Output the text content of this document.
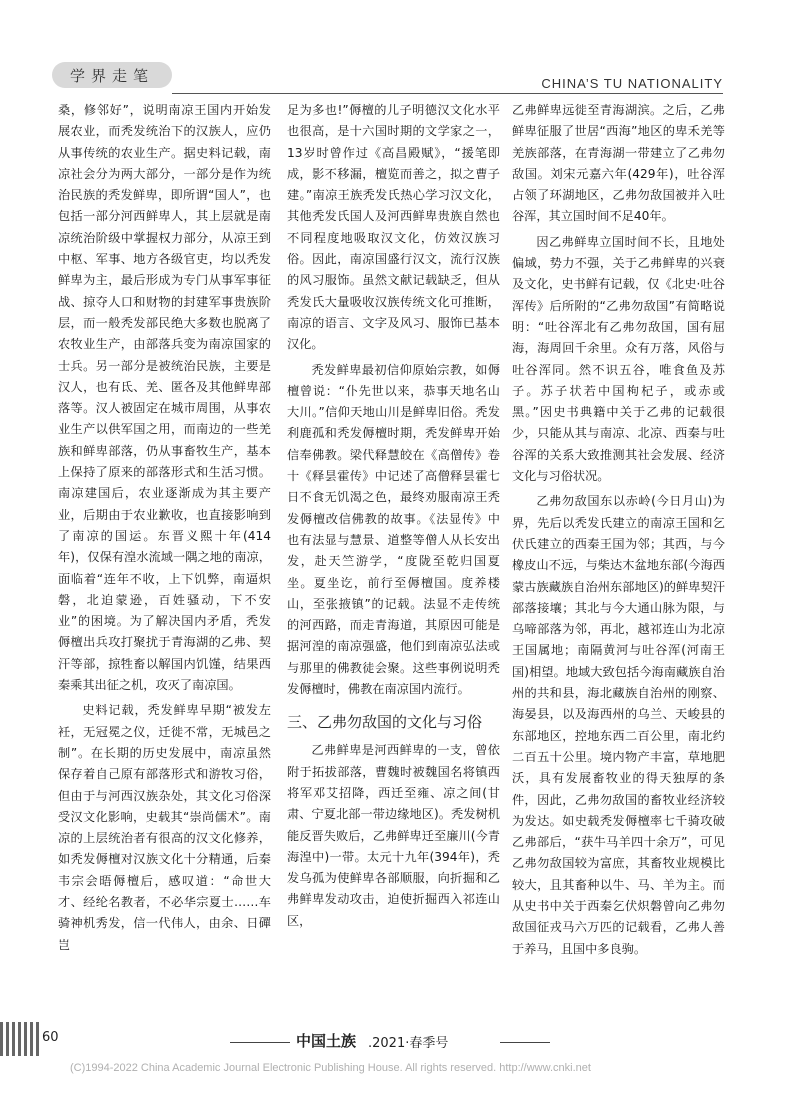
学界走笔	CHINA’S TU NATIONALITY

桑，修邻好”，说明南凉王国内开始发展农业，而秃发统治下的汉族人，应仍从事传统的农业生产。据史料记载，南凉社会分为两大部分，一部分是作为统治民族的秃发鲜卑，即所谓“国人”，也包括一部分河西鲜卑人，其上层就是南凉统治阶级中掌握权力部分，从凉王到中枢、军事、地方各级官吏，均以秃发鲜卑为主，最后形成为专门从事军事征战、掠夺人口和财物的封建军事贵族阶层，而一般秃发部民绝大多数也脱离了农牧业生产，由部落兵变为南凉国家的士兵。另一部分是被统治民族，主要是汉人，也有氐、羌、匿各及其他鲜卑部落等。汉人被固定在城市周围，从事农业生产以供军国之用，而南边的一些羌族和鲜卑部落，仍从事畜牧生产，基本上保持了原来的部落形式和生活习惯。南凉建国后，农业逐渐成为其主要产业，后期由于农业歉收，也直接影响到了南凉的国运。东晋义熙十年(414年)，仅保有湟水流域一隅之地的南凉，面临着“连年不收，上下饥弊，南逼炽磐，北迫蒙逊，百姓骚动，下不安业”的困境。为了解决国内矛盾，秃发傉檀出兵攻打聚扰于青海湖的乙弗、契汗等部，掠牲畜以解国内饥馑，结果西秦乘其出征之机，攻灭了南凉国。

史料记载，秃发鲜卑早期“被发左衽，无冠冕之仪，迁徙不常，无城邑之制”。在长期的历史发展中，南凉虽然保存着自己原有部落形式和游牧习俗，但由于与河西汉族杂处，其文化习俗深受汉文化影响，史载其“崇尚儒术”。南凉的上层统治者有很高的汉文化修养，如秃发傉檀对汉族文化十分精通，后秦韦宗会晤傉檀后，感叹道：“命世大才、经纶名教者，不必华宗夏士……车骑神机秀发，信一代伟人，由余、日磾岂

足为多也!”傉檀的儿子明德汉文化水平也很高，是十六国时期的文学家之一，13岁时曾作过《高昌殿赋》，“援笔即成，影不移漏，檀览而善之，拟之曹子建。”南凉王族秃发氏热心学习汉文化，其他秃发氏国人及河西鲜卑贵族自然也不同程度地吸取汉文化，仿效汉族习俗。因此，南凉国盛行汉文，流行汉族的风习服饰。虽然文献记载缺乏，但从秃发氏大量吸收汉族传统文化可推断，南凉的语言、文字及风习、服饰已基本汉化。

秃发鲜卑最初信仰原始宗教，如傉檀曾说：“仆先世以来，恭事天地名山大川。”信仰天地山川是鲜卑旧俗。秃发利鹿孤和秃发傉檀时期，秃发鲜卑开始信奉佛教。梁代释慧皎在《高僧传》卷十《释昙霍传》中记述了高僧释昙霍七日不食无饥渴之色，最终劝服南凉王秃发傉檀改信佛教的故事。《法显传》中也有法显与慧景、道整等僧人从长安出发，赴天竺游学，“度陇至乾归国夏坐。夏坐讫，前行至傉檀国。度养楼山，至张掖镇”的记载。法显不走传统的河西路，而走青海道，其原因可能是据河湟的南凉强盛，他们到南凉弘法或与那里的佛教徒会聚。这些事例说明秃发傉檀时，佛教在南凉国内流行。

三、乙弗勿敌国的文化与习俗

乙弗鲜卑是河西鲜卑的一支，曾依附于拓拔部落，曹魏时被魏国名将镇西将军邓艾招降，西迁至雍、凉之间(甘肃、宁夏北部一带边缘地区)。秃发树机能反晋失败后，乙弗鲜卑迁至廉川(今青海湟中)一带。太元十九年(394年)，秃发乌孤为使鲜卑各部顺服，向折掘和乙弗鲜卑发动攻击，迫使折掘西入祁连山区，

乙弗鲜卑远徙至青海湖滨。之后，乙弗鲜卑征服了世居“西海”地区的卑禾羌等羌族部落，在青海湖一带建立了乙弗勿敌国。刘宋元嘉六年(429年)，吐谷浑占领了环湖地区，乙弗勿敌国被并入吐谷浑，其立国时间不足40年。

因乙弗鲜卑立国时间不长，且地处偏域，势力不强，关于乙弗鲜卑的兴衰及文化，史书鲜有记载，仅《北史·吐谷浑传》后所附的“乙弗勿敌国”有简略说明：“吐谷浑北有乙弗勿敌国，国有屈海，海周回千余里。众有万落，风俗与吐谷浑同。然不识五谷，唯食鱼及苏子。苏子状若中国枸杞子，或赤或黑。”因史书典籍中关于乙弗的记载很少，只能从其与南凉、北凉、西秦与吐谷浑的关系大致推测其社会发展、经济文化与习俗状况。

乙弗勿敌国东以赤岭(今日月山)为界，先后以秃发氏建立的南凉王国和乞伏氏建立的西秦王国为邻；其西，与今橡皮山不远，与柴达木盆地东部(今海西蒙古族藏族自治州东部地区)的鲜卑契汗部落接壤；其北与今大通山脉为限，与乌啼部落为邻，再北，越祁连山为北凉王国属地；南隔黄河与吐谷浑(河南王国)相望。地域大致包括今海南藏族自治州的共和县，海北藏族自治州的刚察、海晏县，以及海西州的乌兰、天峻县的东部地区，控地东西二百公里，南北约二百五十公里。境内物产丰富，草地肥沃，具有发展畜牧业的得天独厚的条件，因此，乙弗勿敌国的畜牧业经济较为发达。如史载秃发傉檀率七千骑攻破乙弗部后，“获牛马羊四十余万”，可见乙弗勿敌国较为富庶，其畜牧业规模比较大，且其畜种以牛、马、羊为主。而从史书中关于西秦乞伏炽磐曾向乙弗勿敌国征戎马六万匹的记载看，乙弗人善于养马，且国中多良驹。

60	中国土族 .2021·春季号
(C)1994-2022 China Academic Journal Electronic Publishing House. All rights reserved. http://www.cnki.net
